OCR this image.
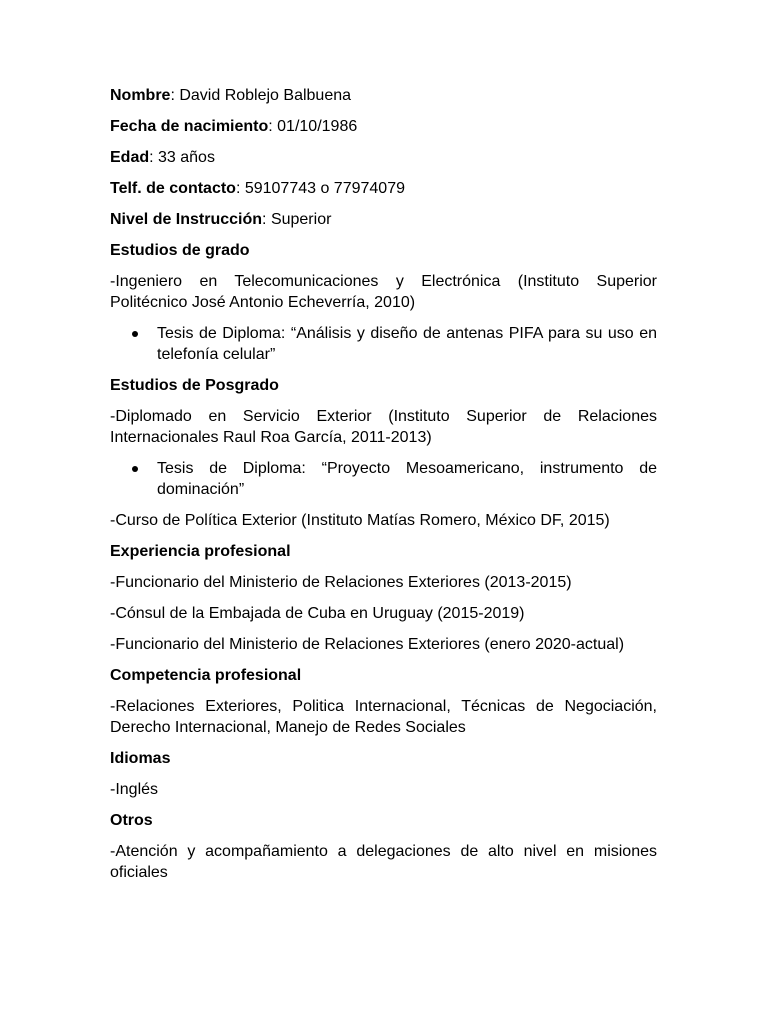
Nombre: David Roblejo Balbuena

Fecha de nacimiento: 01/10/1986

Edad: 33 años

Telf. de contacto: 59107743 o 77974079

Nivel de Instrucción: Superior

Estudios de grado

-Ingeniero en Telecomunicaciones y Electrónica (Instituto Superior Politécnico José Antonio Echeverría, 2010)

Tesis de Diploma: “Análisis y diseño de antenas PIFA para su uso en telefonía celular”
Estudios de Posgrado

-Diplomado en Servicio Exterior (Instituto Superior de Relaciones Internacionales Raul Roa García, 2011-2013)

Tesis de Diploma: “Proyecto Mesoamericano, instrumento de dominación”

-Curso de Política Exterior (Instituto Matías Romero, México DF, 2015)

Experiencia profesional

-Funcionario del Ministerio de Relaciones Exteriores (2013-2015)

-Cónsul de la Embajada de Cuba en Uruguay (2015-2019)

-Funcionario del Ministerio de Relaciones Exteriores (enero 2020-actual)

Competencia profesional

-Relaciones Exteriores, Politica Internacional, Técnicas de Negociación, Derecho Internacional, Manejo de Redes Sociales

Idiomas

-Inglés

Otros

-Atención y acompañamiento a delegaciones de alto nivel en misiones oficiales
